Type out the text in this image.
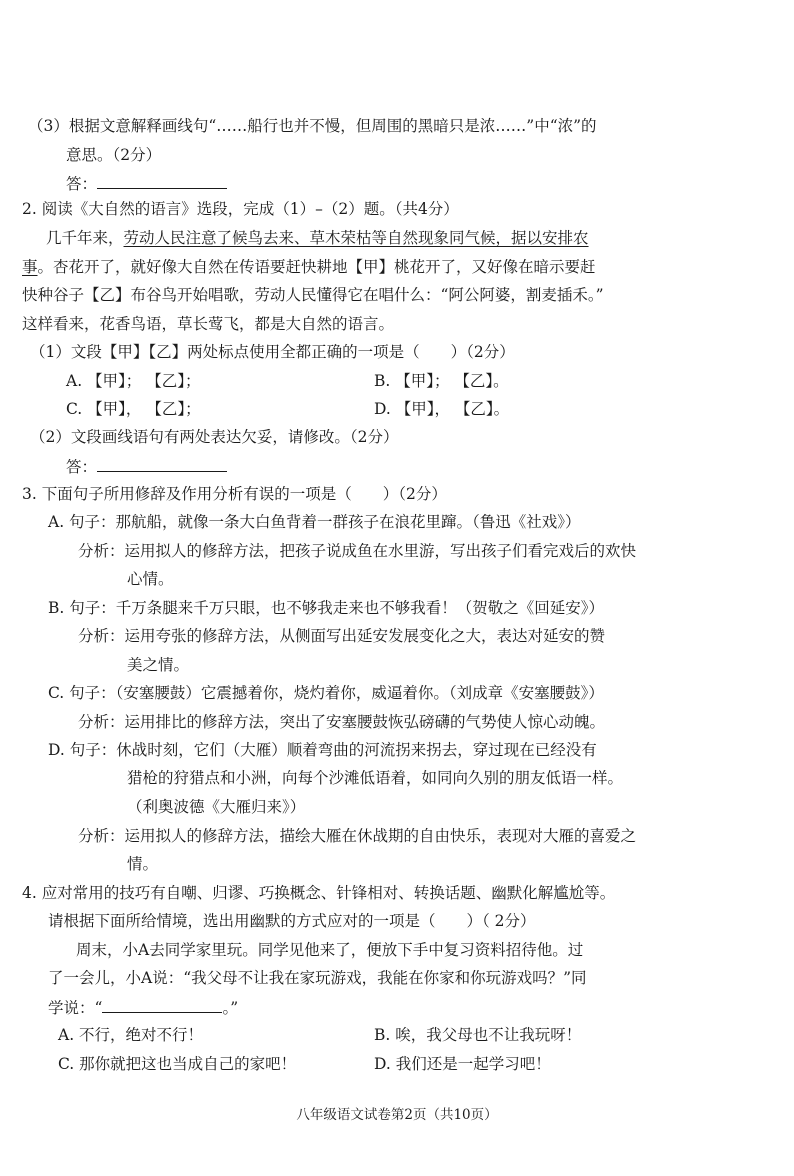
（3）根据文意解释画线句“……船行也并不慢，但周围的黑暗只是浓……”中“浓”的
意思。（2分）
答：
2. 阅读《大自然的语言》选段，完成（1）–（2）题。（共4分）
几千年来，劳动人民注意了候鸟去来、草木荣枯等自然现象同气候，据以安排农
事。杏花开了，就好像大自然在传语要赶快耕地【甲】桃花开了，又好像在暗示要赶
快种谷子【乙】布谷鸟开始唱歌，劳动人民懂得它在唱什么：“阿公阿婆，割麦插禾。”
这样看来，花香鸟语，草长莺飞，都是大自然的语言。
（1）文段【甲】【乙】两处标点使用全都正确的一项是（　　）（2分）
A. 【甲】； 【乙】；	B. 【甲】； 【乙】。
C. 【甲】， 【乙】；	D. 【甲】， 【乙】。
（2）文段画线语句有两处表达欠妥，请修改。（2分）
答：
3. 下面句子所用修辞及作用分析有误的一项是（　　）（2分）
A. 句子：那航船，就像一条大白鱼背着一群孩子在浪花里蹿。（鲁迅《社戏》）
分析：运用拟人的修辞方法，把孩子说成鱼在水里游，写出孩子们看完戏后的欢快
心情。
B. 句子：千万条腿来千万只眼，也不够我走来也不够我看！（贺敬之《回延安》）
分析：运用夸张的修辞方法，从侧面写出延安发展变化之大，表达对延安的赞
美之情。
C. 句子：（安塞腰鼓）它震撼着你，烧灼着你，威逼着你。（刘成章《安塞腰鼓》）
分析：运用排比的修辞方法，突出了安塞腰鼓恢弘磅礴的气势使人惊心动魄。
D. 句子：休战时刻，它们（大雁）顺着弯曲的河流拐来拐去，穿过现在已经没有
猎枪的狩猎点和小洲，向每个沙滩低语着，如同向久别的朋友低语一样。
（利奥波德《大雁归来》）
分析：运用拟人的修辞方法，描绘大雁在休战期的自由快乐，表现对大雁的喜爱之
情。
4. 应对常用的技巧有自嘲、归谬、巧换概念、针锋相对、转换话题、幽默化解尴尬等。
请根据下面所给情境，选出用幽默的方式应对的一项是（　　）（ 2分）
周末，小A去同学家里玩。同学见他来了，便放下手中复习资料招待他。过
了一会儿，小A说：“我父母不让我在家玩游戏，我能在你家和你玩游戏吗？”同
学说：“	。”
A. 不行，绝对不行！	B. 唉，我父母也不让我玩呀！
C. 那你就把这也当成自己的家吧！	D. 我们还是一起学习吧！
八年级语文试卷第2页（共10页）
